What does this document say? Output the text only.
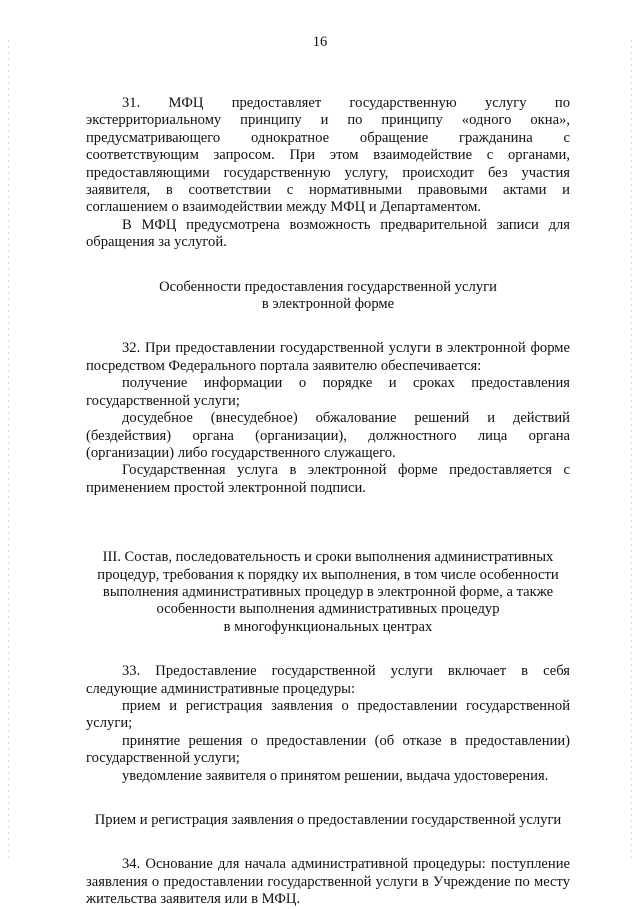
16

31. МФЦ предоставляет государственную услугу по экстерриториальному принципу и по принципу «одного окна», предусматривающего однократное обращение гражданина с соответствующим запросом. При этом взаимодействие с органами, предоставляющими государственную услугу, происходит без участия заявителя, в соответствии с нормативными правовыми актами и соглашением о взаимодействии между МФЦ и Департаментом.

В МФЦ предусмотрена возможность предварительной записи для обращения за услугой.

Особенности предоставления государственной услуги
в электронной форме

32. При предоставлении государственной услуги в электронной форме посредством Федерального портала заявителю обеспечивается:

получение информации о порядке и сроках предоставления государственной услуги;

досудебное (внесудебное) обжалование решений и действий (бездействия) органа (организации), должностного лица органа (организации) либо государственного служащего.

Государственная услуга в электронной форме предоставляется с применением простой электронной подписи.

III. Состав, последовательность и сроки выполнения административных
процедур, требования к порядку их выполнения, в том числе особенности
выполнения административных процедур в электронной форме, а также
особенности выполнения административных процедур
в многофункциональных центрах

33. Предоставление государственной услуги включает в себя следующие административные процедуры:

прием и регистрация заявления о предоставлении государственной услуги;

принятие решения о предоставлении (об отказе в предоставлении) государственной услуги;

уведомление заявителя о принятом решении, выдача удостоверения.

Прием и регистрация заявления о предоставлении государственной услуги

34. Основание для начала административной процедуры: поступление заявления о предоставлении государственной услуги в Учреждение по месту жительства заявителя или в МФЦ.
